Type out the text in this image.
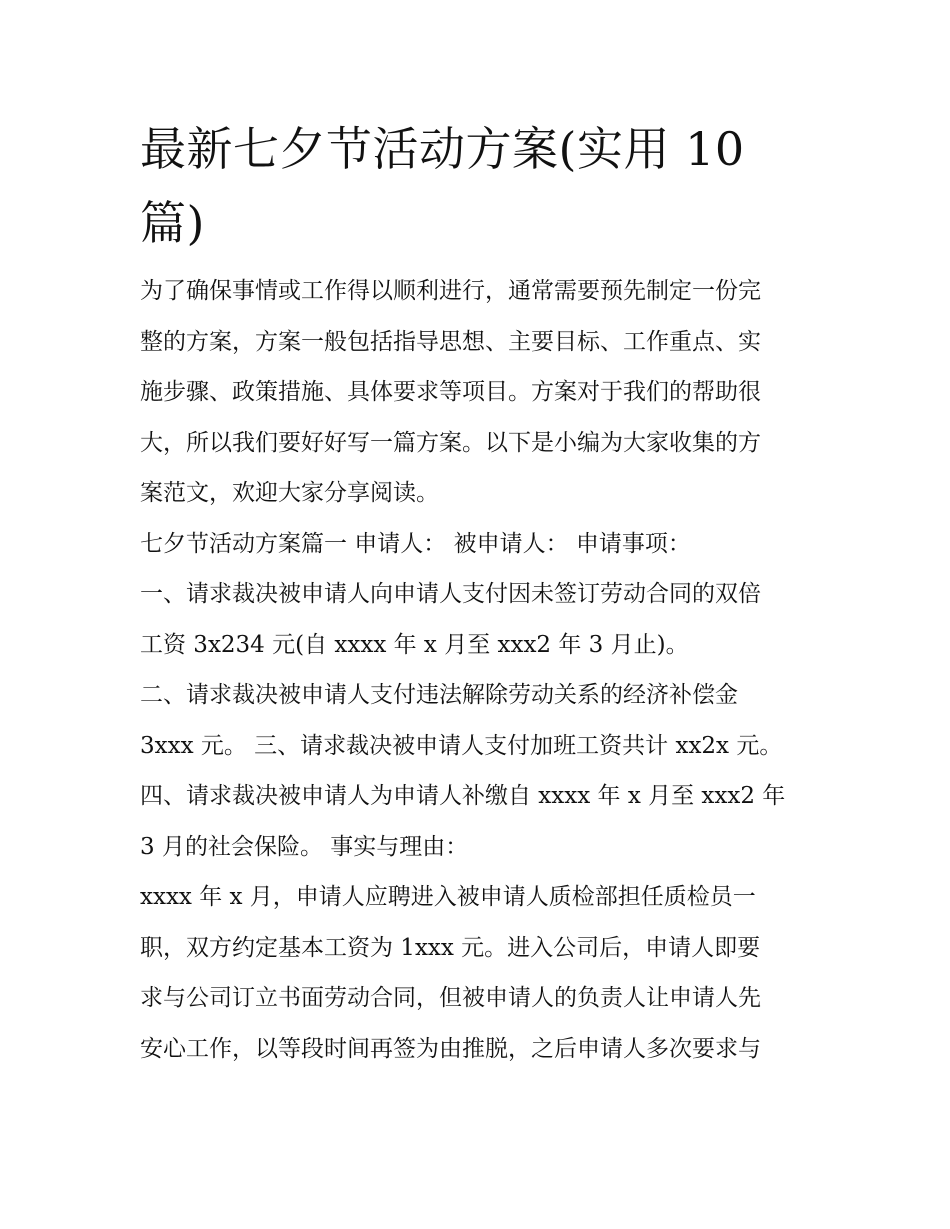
最新七夕节活动方案(实用 10
篇)
为了确保事情或工作得以顺利进行，通常需要预先制定一份完
整的方案，方案一般包括指导思想、主要目标、工作重点、实
施步骤、政策措施、具体要求等项目。方案对于我们的帮助很
大，所以我们要好好写一篇方案。以下是小编为大家收集的方
案范文，欢迎大家分享阅读。
七夕节活动方案篇一 申请人： 被申请人： 申请事项：
一、请求裁决被申请人向申请人支付因未签订劳动合同的双倍
工资 3x234 元(自 xxxx 年 x 月至 xxx2 年 3 月止)。
二、请求裁决被申请人支付违法解除劳动关系的经济补偿金
3xxx 元。 三、请求裁决被申请人支付加班工资共计 xx2x 元。
四、请求裁决被申请人为申请人补缴自 xxxx 年 x 月至 xxx2 年
3 月的社会保险。 事实与理由：
xxxx 年 x 月，申请人应聘进入被申请人质检部担任质检员一
职，双方约定基本工资为 1xxx 元。进入公司后，申请人即要
求与公司订立书面劳动合同，但被申请人的负责人让申请人先
安心工作，以等段时间再签为由推脱，之后申请人多次要求与
